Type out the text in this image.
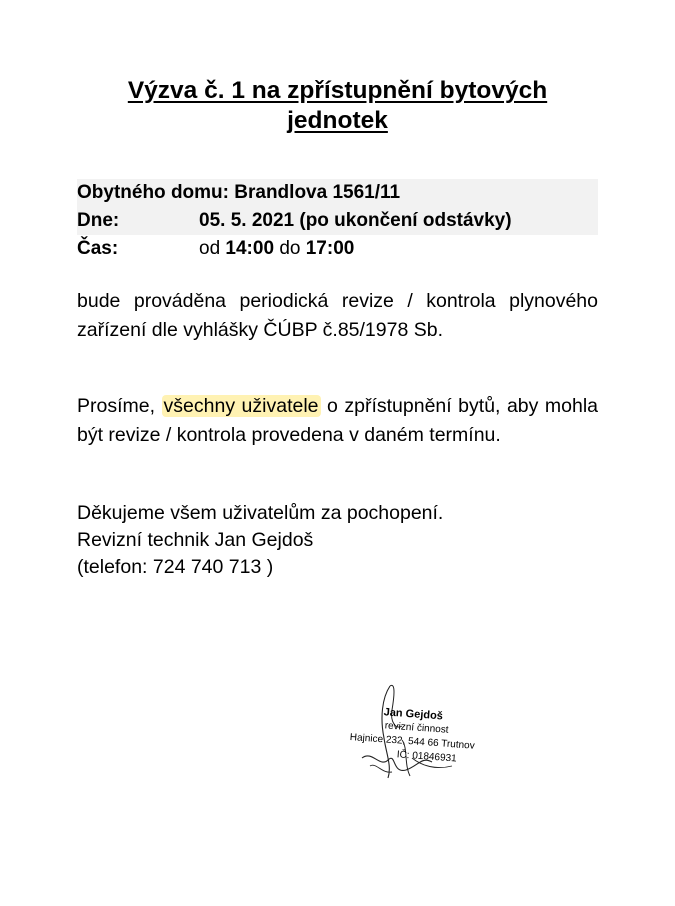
Výzva č. 1 na zpřístupnění bytových
jednotek
Obytného domu: Brandlova 1561/11
Dne:	05. 5. 2021 (po ukončení odstávky)
Čas:	od 14:00 do 17:00
bude prováděna periodická revize / kontrola plynového zařízení dle vyhlášky ČÚBP č.85/1978 Sb.
Prosíme, všechny uživatele o zpřístupnění bytů, aby mohla být revize / kontrola provedena v daném termínu.
Děkujeme všem uživatelům za pochopení.
Revizní technik Jan Gejdoš
(telefon: 724 740 713 )
Jan Gejdoš
revizní činnost
Hajnice 232, 544 66 Trutnov
IČ: 01846931
